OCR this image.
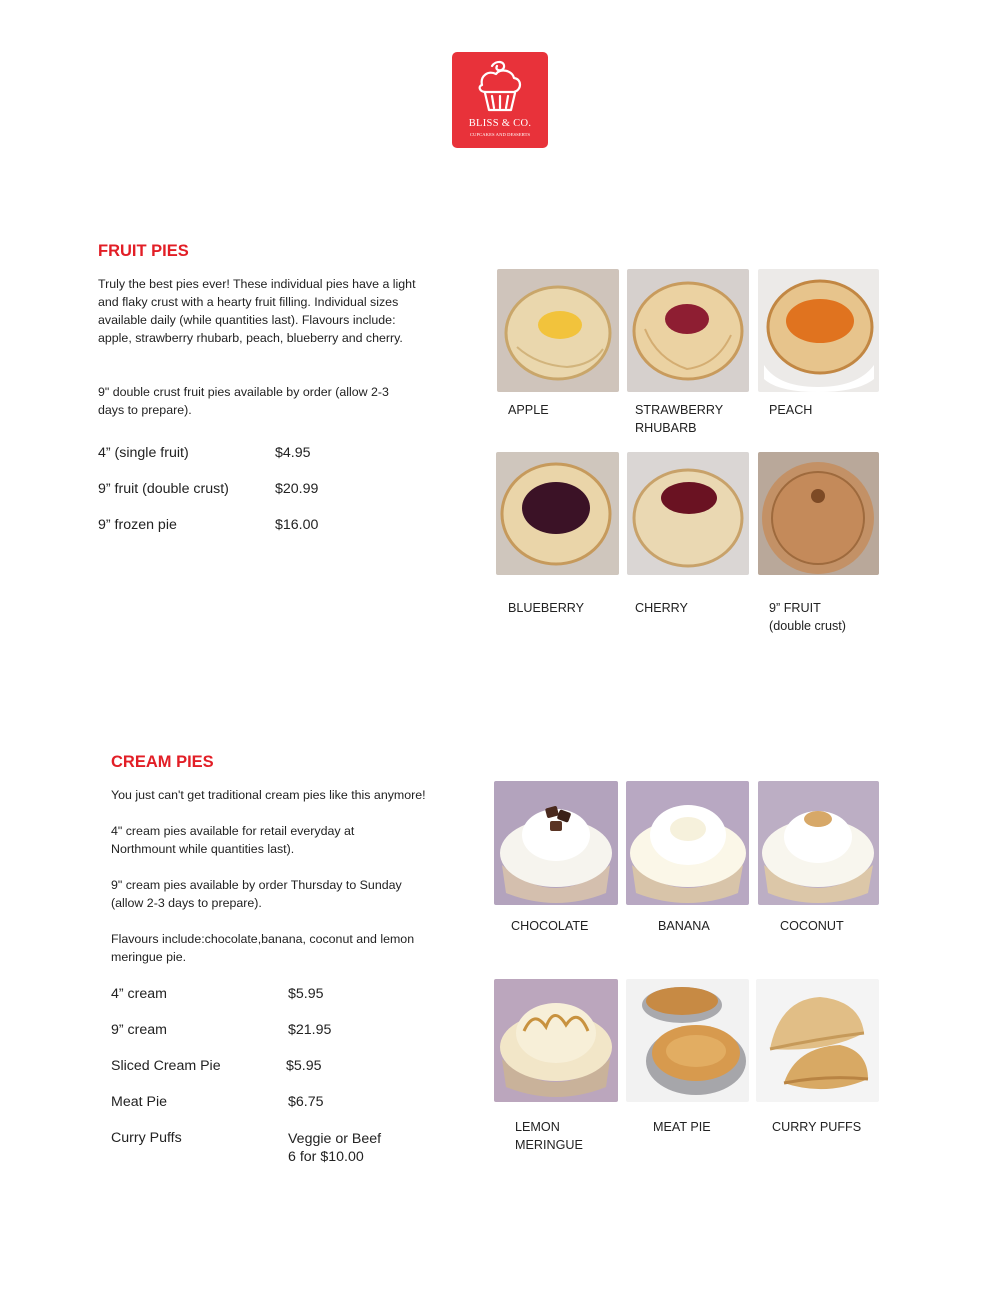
BLISS & CO.
CUPCAKES AND DESSERTS
FRUIT PIES

Truly the best pies ever! These individual pies have a light and flaky crust with a hearty fruit filling. Individual sizes available daily (while quantities last). Flavours include: apple, strawberry rhubarb, peach, blueberry and cherry.

9" double crust fruit pies available by order (allow 2-3 days to prepare).

4” (single fruit)	$4.95
9” fruit (double crust)	$20.99
9” frozen pie	$16.00
APPLE	STRAWBERRY
RHUBARB
PEACH
BLUEBERRY	CHERRY	9” FRUIT
(double crust)
CREAM PIES

You just can't get traditional cream pies like this anymore!

4" cream pies available for retail everyday at Northmount while quantities last).

9" cream pies available by order Thursday to Sunday (allow 2-3 days to prepare).

Flavours include:chocolate,banana, coconut and lemon meringue pie.

4” cream	$5.95
9” cream	$21.95
Sliced Cream Pie	$5.95
Meat Pie	$6.75
Curry Puffs	Veggie or Beef
6 for $10.00
CHOCOLATE	BANANA	COCONUT
LEMON
MERINGUE
MEAT PIE	CURRY PUFFS
